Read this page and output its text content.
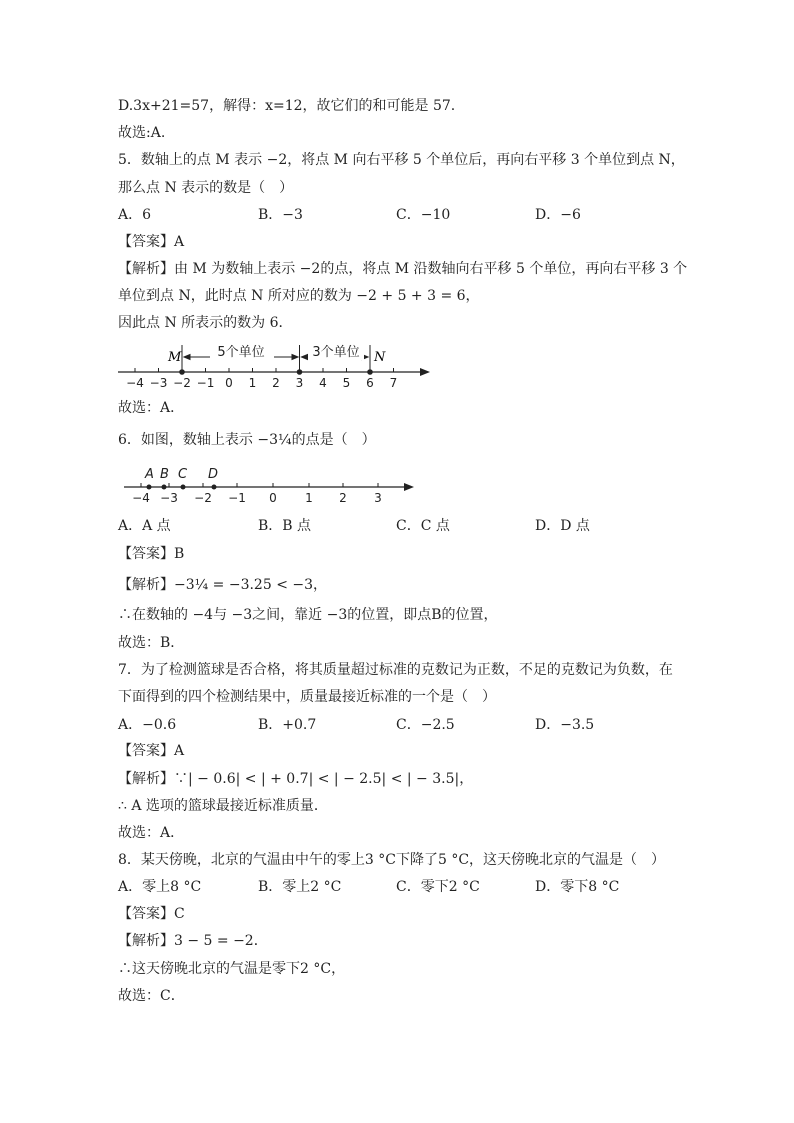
D.3x+21=57，解得：x=12，故它们的和可能是 57.
故选:A.
5．数轴上的点 M 表示 −2，将点 M 向右平移 5 个单位后，再向右平移 3 个单位到点 N，
那么点 N 表示的数是（　）
A．6	B．−3	C．−10	D．−6
【答案】A
【解析】由 M 为数轴上表示 −2的点，将点 M 沿数轴向右平移 5 个单位，再向右平移 3 个
单位到点 N，此时点 N 所对应的数为 −2 + 5 + 3 = 6，
因此点 N 所表示的数为 6．
−4 −3 −2 −1 0 1 2 3 4 5 6 7
M	N
5个单位	3个单位
故选：A．
6．如图，数轴上表示 −3¼的点是（　）
−4 −3 −2 −1 0 1 2 3
A B C D
A．A 点	B．B 点	C．C 点	D．D 点
【答案】B
【解析】−3¼ = −3.25 < −3，
∴在数轴的 −4与 −3之间，靠近 −3的位置，即点B的位置，
故选：B．
7．为了检测篮球是否合格，将其质量超过标准的克数记为正数，不足的克数记为负数，在
下面得到的四个检测结果中，质量最接近标准的一个是（　）
A．−0.6	B．+0.7	C．−2.5	D．−3.5
【答案】A
【解析】∵| − 0.6| < | + 0.7| < | − 2.5| < | − 3.5|，
∴ A 选项的篮球最接近标准质量．
故选：A．
8．某天傍晚，北京的气温由中午的零上3 °C下降了5 °C，这天傍晚北京的气温是（　）
A．零上8 °C	B．零上2 °C	C．零下2 °C	D．零下8 °C
【答案】C
【解析】3 − 5 = −2．
∴这天傍晚北京的气温是零下2 °C，
故选：C．
